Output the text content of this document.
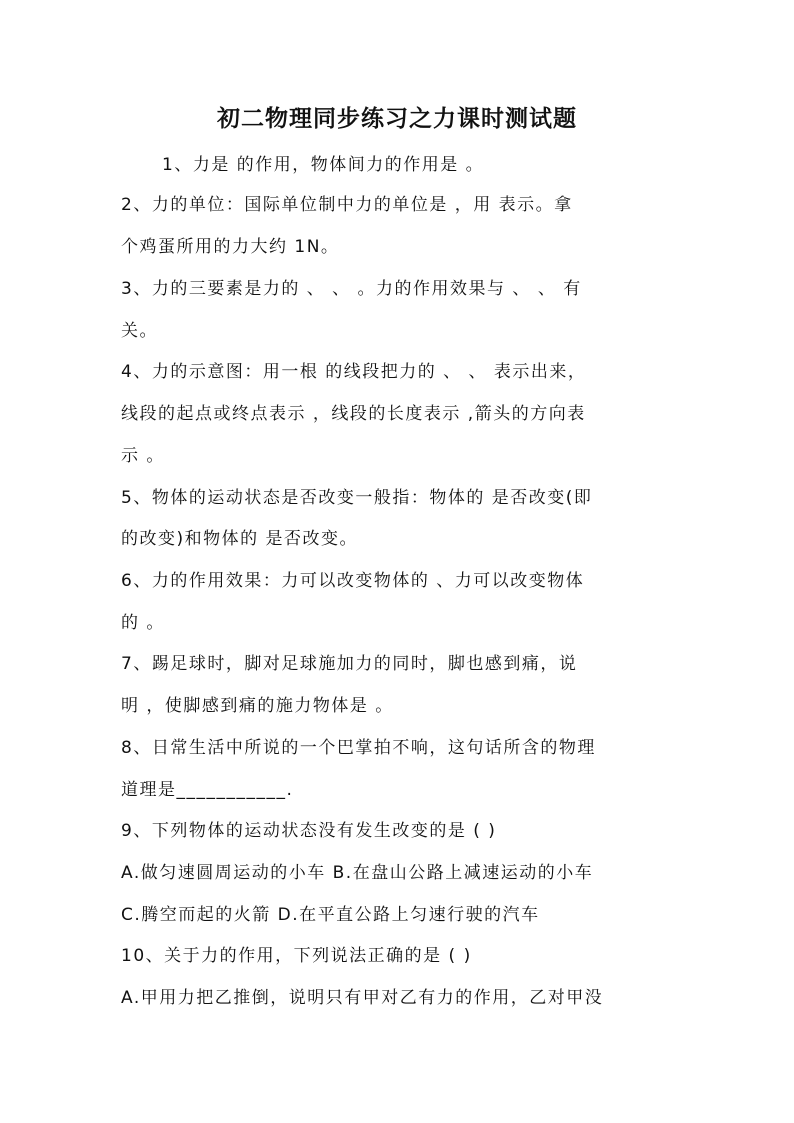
初二物理同步练习之力课时测试题
1、力是 的作用，物体间力的作用是 。
2、力的单位：国际单位制中力的单位是 ，用 表示。拿
个鸡蛋所用的力大约 1N。
3、力的三要素是力的 、 、 。力的作用效果与 、 、 有
关。
4、力的示意图：用一根 的线段把力的 、 、 表示出来，
线段的起点或终点表示 ，线段的长度表示 ,箭头的方向表
示 。
5、物体的运动状态是否改变一般指：物体的 是否改变(即
的改变)和物体的 是否改变。
6、力的作用效果：力可以改变物体的 、力可以改变物体
的 。
7、踢足球时，脚对足球施加力的同时，脚也感到痛，说
明 ，使脚感到痛的施力物体是 。
8、日常生活中所说的一个巴掌拍不响，这句话所含的物理
道理是___________.
9、下列物体的运动状态没有发生改变的是 ( )
A.做匀速圆周运动的小车 B.在盘山公路上减速运动的小车
C.腾空而起的火箭 D.在平直公路上匀速行驶的汽车
10、关于力的作用，下列说法正确的是 ( )
A.甲用力把乙推倒，说明只有甲对乙有力的作用，乙对甲没
